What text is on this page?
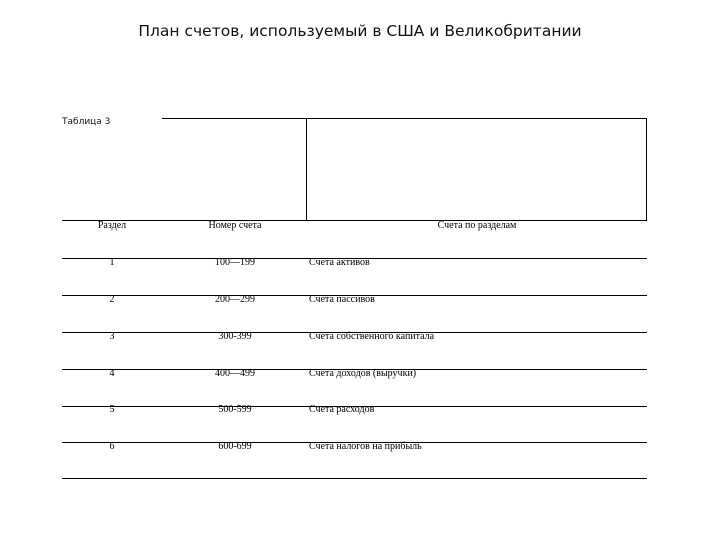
План счетов, используемый в США и Великобритании
Таблица 3
Раздел	Номер счета	Счета по разделам
1	100—199	Счета активов
2	200—299	Счета пассивов
3	300-399	Счета собственного капитала
4	400—499	Счета доходов (выручки)
5	500-599	Счета расходов
6	600-699	Счета налогов на прибыль
